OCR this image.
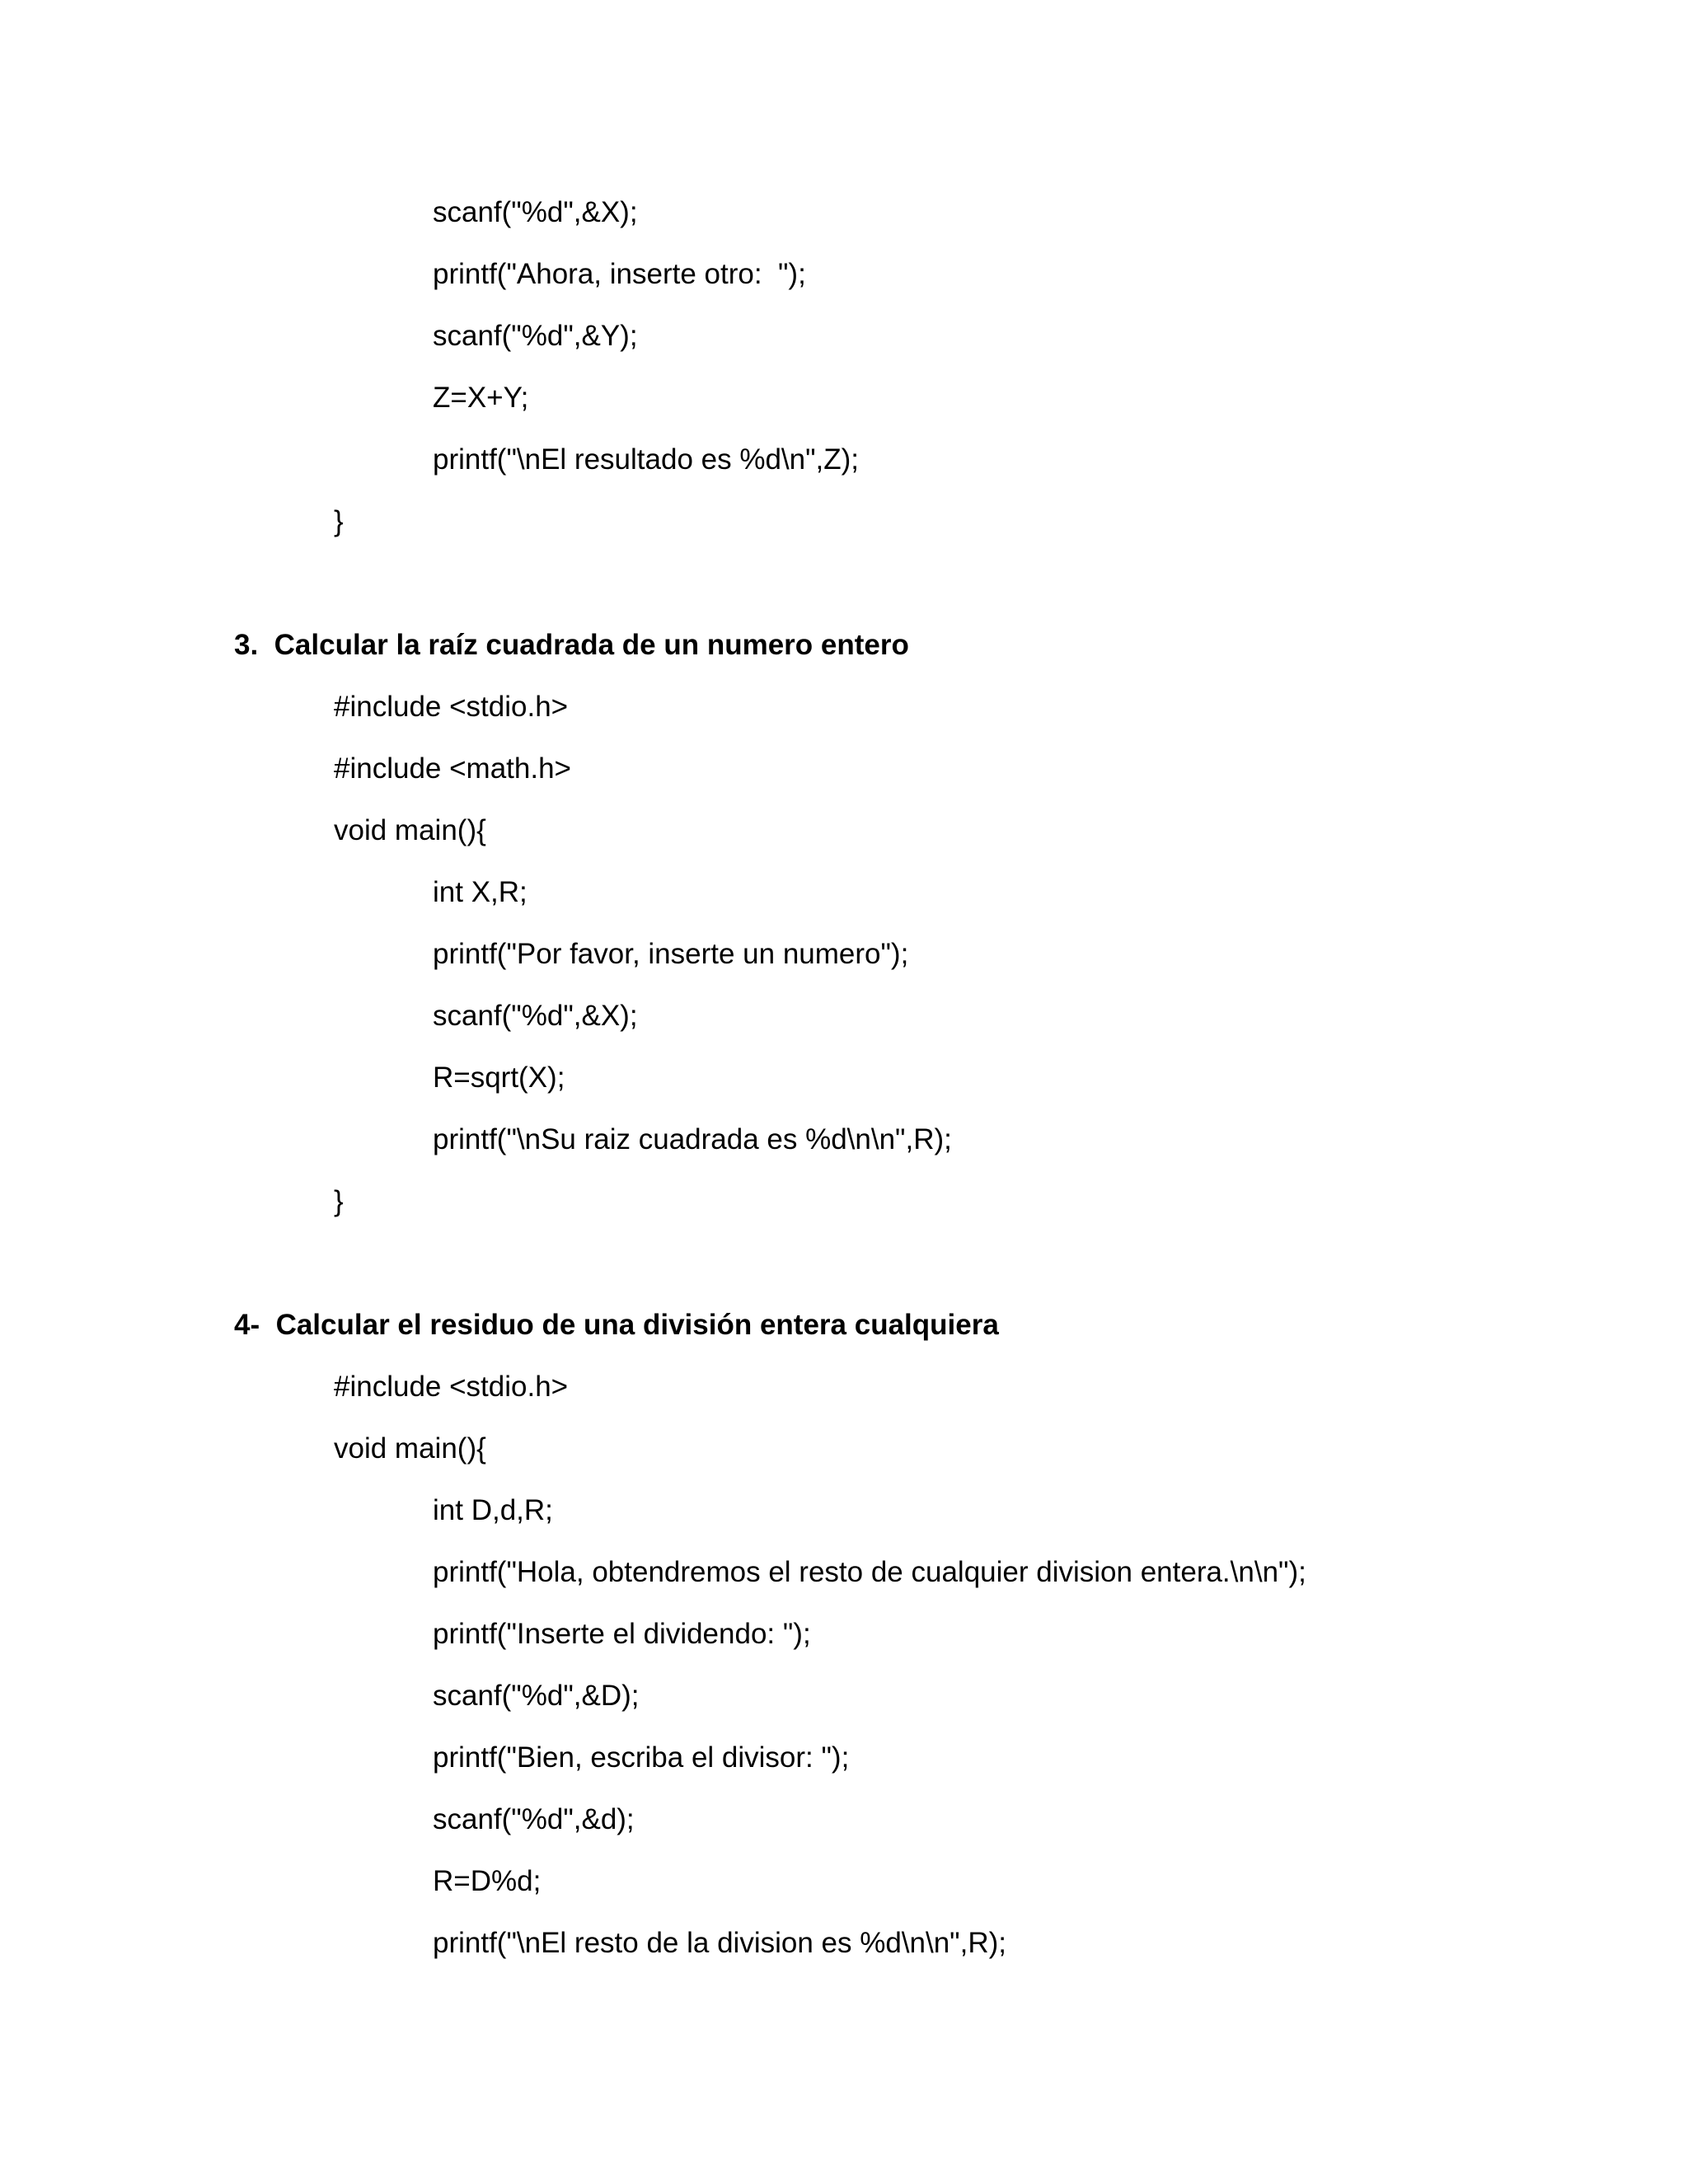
scanf("%d",&X);
printf("Ahora, inserte otro:  ");
scanf("%d",&Y);
Z=X+Y;
printf("\nEl resultado es %d\n",Z);
}
3.  Calcular la raíz cuadrada de un numero entero
#include <stdio.h>
#include <math.h>
void main(){
int X,R;
printf("Por favor, inserte un numero");
scanf("%d",&X);
R=sqrt(X);
printf("\nSu raiz cuadrada es %d\n\n",R);
}
4-  Calcular el residuo de una división entera cualquiera
#include <stdio.h>
void main(){
int D,d,R;
printf("Hola, obtendremos el resto de cualquier division entera.\n\n");
printf("Inserte el dividendo: ");
scanf("%d",&D);
printf("Bien, escriba el divisor: ");
scanf("%d",&d);
R=D%d;
printf("\nEl resto de la division es %d\n\n",R);
